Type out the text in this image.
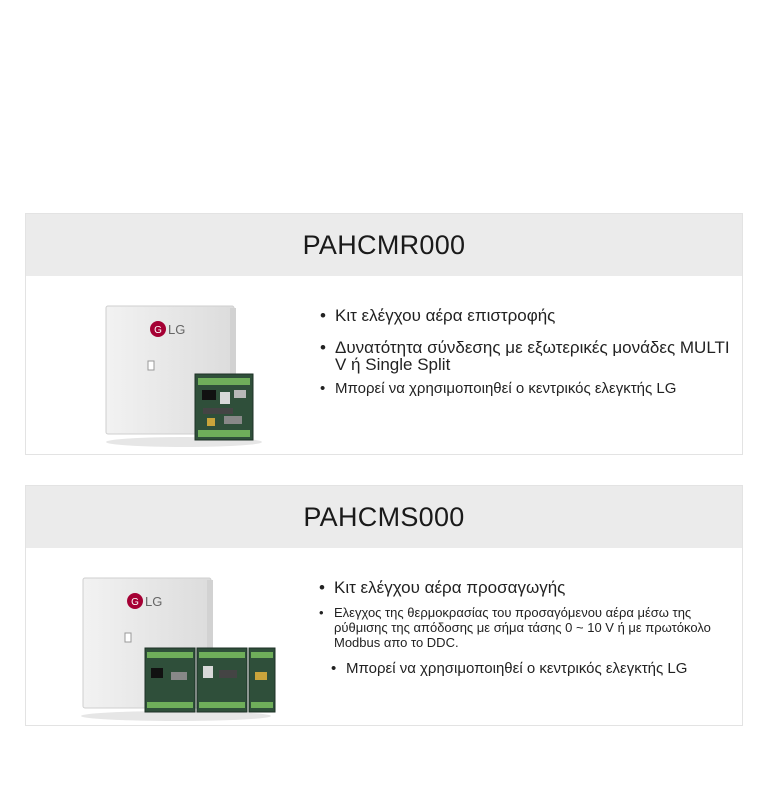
PAHCMR000
G LG
• Κιτ ελέγχου αέρα επιστροφής
• Δυνατότητα σύνδεσης με εξωτερικές μονάδες MULTI V ή Single Split
• Μπορεί να χρησιμοποιηθεί ο κεντρικός ελεγκτής LG
PAHCMS000
G LG
• Κιτ ελέγχου αέρα προσαγωγής
• Ελεγχος της θερμοκρασίας του προσαγόμενου αέρα μέσω της ρύθμισης της απόδοσης με σήμα τάσης 0 ~ 10 V ή με πρωτόκολο Modbus απο το DDC.
• Μπορεί να χρησιμοποιηθεί ο κεντρικός ελεγκτής LG
